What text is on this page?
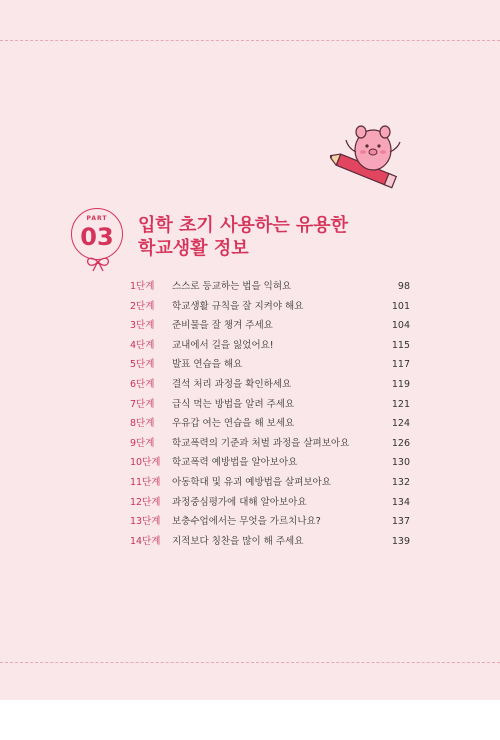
PART
03	입학 초기 사용하는 유용한
학교생활 정보
1단계 스스로 등교하는 법을 익혀요	98
2단계 학교생활 규칙을 잘 지켜야 해요	101
3단계 준비물을 잘 챙겨 주세요	104
4단계 교내에서 길을 잃었어요!	115
5단계 발표 연습을 해요	117
6단계 결석 처리 과정을 확인하세요	119
7단계 급식 먹는 방법을 알려 주세요	121
8단계 우유갑 여는 연습을 해 보세요	124
9단계 학교폭력의 기준과 처벌 과정을 살펴보아요	126
10단계 학교폭력 예방법을 알아보아요	130
11단계 아동학대 및 유괴 예방법을 살펴보아요	132
12단계 과정중심평가에 대해 알아보아요	134
13단계 보충수업에서는 무엇을 가르치나요?	137
14단계 지적보다 칭찬을 많이 해 주세요	139
